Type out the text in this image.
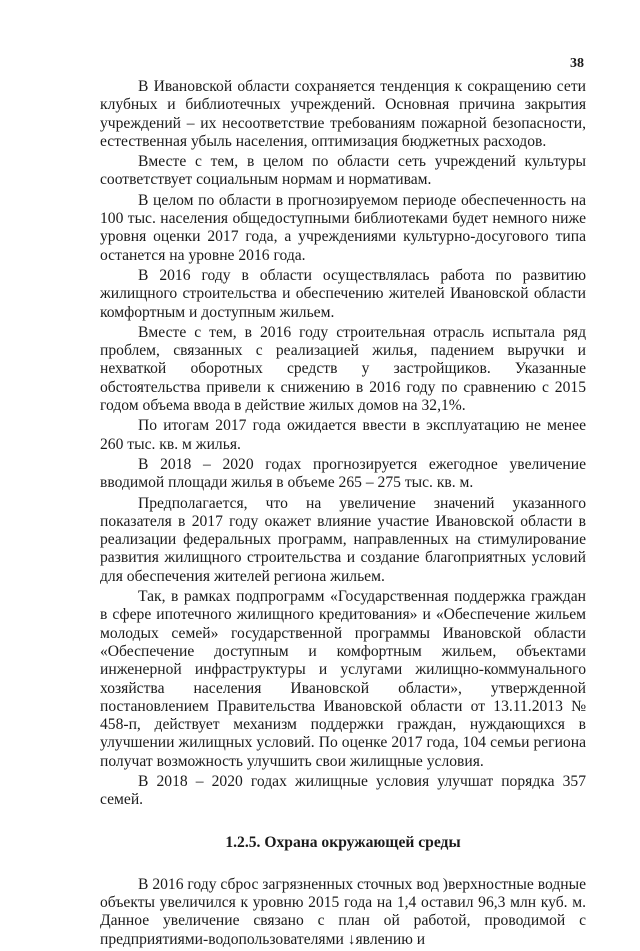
38

В Ивановской области сохраняется тенденция к сокращению сети клубных и библиотечных учреждений. Основная причина закрытия учреждений – их несоответствие требованиям пожарной безопасности, естественная убыль населения, оптимизация бюджетных расходов.

Вместе с тем, в целом по области сеть учреждений культуры соответствует социальным нормам и нормативам.

В целом по области в прогнозируемом периоде обеспеченность на 100 тыс. населения общедоступными библиотеками будет немного ниже уровня оценки 2017 года, а учреждениями культурно-досугового типа останется на уровне 2016 года.

В 2016 году в области осуществлялась работа по развитию жилищного строительства и обеспечению жителей Ивановской области комфортным и доступным жильем.

Вместе с тем, в 2016 году строительная отрасль испытала ряд проблем, связанных с реализацией жилья, падением выручки и нехваткой оборотных средств у застройщиков. Указанные обстоятельства привели к снижению в 2016 году по сравнению с 2015 годом объема ввода в действие жилых домов на 32,1%.

По итогам 2017 года ожидается ввести в эксплуатацию не менее 260 тыс. кв. м жилья.

В 2018 – 2020 годах прогнозируется ежегодное увеличение вводимой площади жилья в объеме 265 – 275 тыс. кв. м.

Предполагается, что на увеличение значений указанного показателя в 2017 году окажет влияние участие Ивановской области в реализации федеральных программ, направленных на стимулирование развития жилищного строительства и создание благоприятных условий для обеспечения жителей региона жильем.

Так, в рамках подпрограмм «Государственная поддержка граждан в сфере ипотечного жилищного кредитования» и «Обеспечение жильем молодых семей» государственной программы Ивановской области «Обеспечение доступным и комфортным жильем, объектами инженерной инфраструктуры и услугами жилищно-коммунального хозяйства населения Ивановской области», утвержденной постановлением Правительства Ивановской области от 13.11.2013 № 458-п, действует механизм поддержки граждан, нуждающихся в улучшении жилищных условий. По оценке 2017 года, 104 семьи региона получат возможность улучшить свои жилищные условия.

В 2018 – 2020 годах жилищные условия улучшат порядка 357 семей.

1.2.5. Охрана окружающей среды

В 2016 году сброс загрязненных сточных вод )верхностные водные объекты увеличился к уровню 2015 года на 1,4 оставил 96,3 млн куб. м. Данное увеличение связано с план ой работой, проводимой с предприятиями-водопользователями ↓явлению и
